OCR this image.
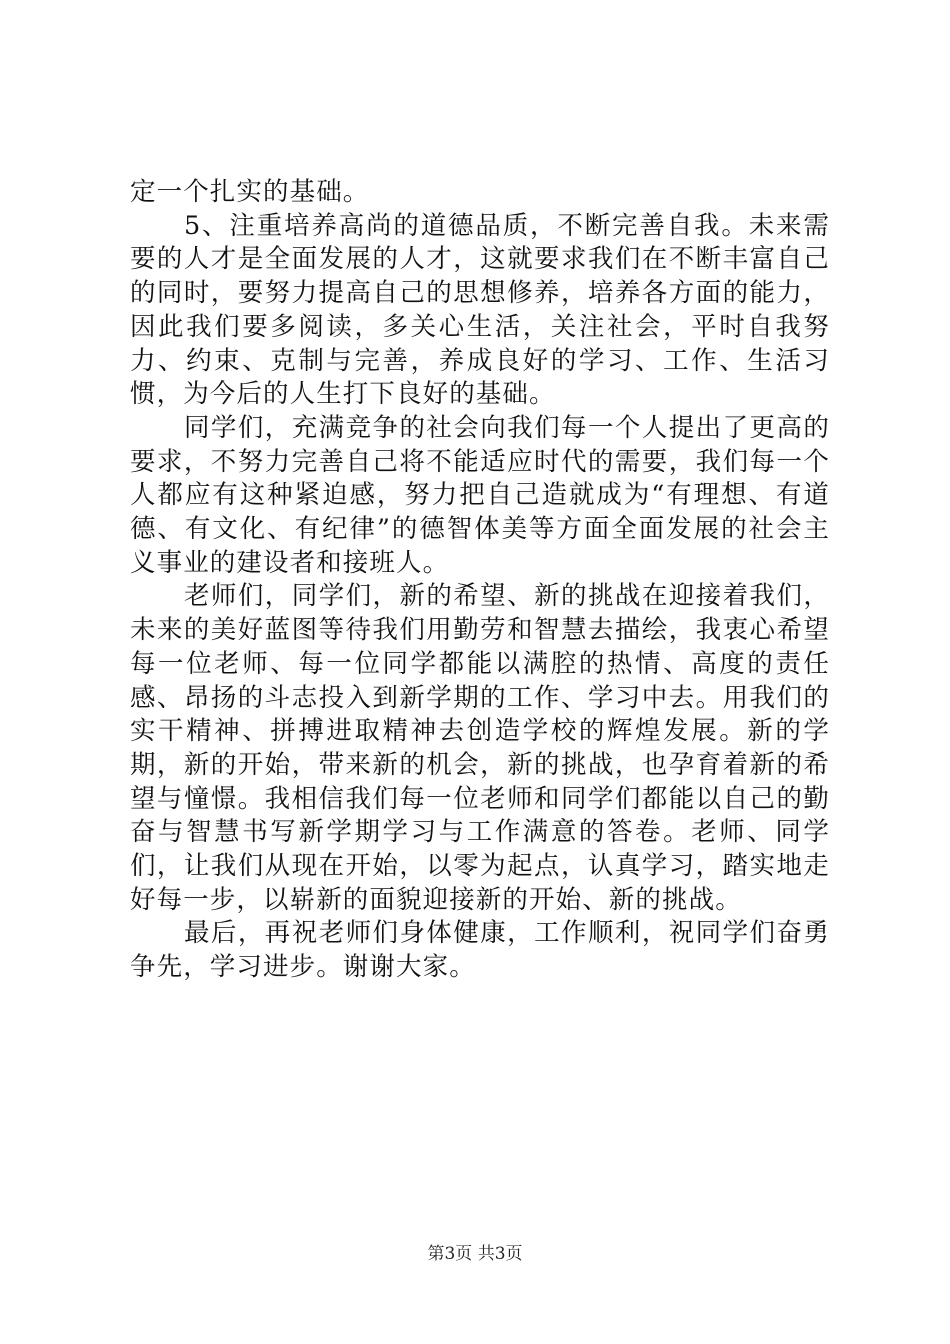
定一个扎实的基础。

5、注重培养高尚的道德品质，不断完善自我。未来需要的人才是全面发展的人才，这就要求我们在不断丰富自己的同时，要努力提高自己的思想修养，培养各方面的能力，因此我们要多阅读，多关心生活，关注社会，平时自我努力、约束、克制与完善，养成良好的学习、工作、生活习惯，为今后的人生打下良好的基础。

同学们，充满竞争的社会向我们每一个人提出了更高的要求，不努力完善自己将不能适应时代的需要，我们每一个人都应有这种紧迫感，努力把自己造就成为“有理想、有道德、有文化、有纪律”的德智体美等方面全面发展的社会主义事业的建设者和接班人。

老师们，同学们，新的希望、新的挑战在迎接着我们，未来的美好蓝图等待我们用勤劳和智慧去描绘，我衷心希望每一位老师、每一位同学都能以满腔的热情、高度的责任感、昂扬的斗志投入到新学期的工作、学习中去。用我们的实干精神、拼搏进取精神去创造学校的辉煌发展。新的学期，新的开始，带来新的机会，新的挑战，也孕育着新的希望与憧憬。我相信我们每一位老师和同学们都能以自己的勤奋与智慧书写新学期学习与工作满意的答卷。老师、同学们，让我们从现在开始，以零为起点，认真学习，踏实地走好每一步，以崭新的面貌迎接新的开始、新的挑战。

最后，再祝老师们身体健康，工作顺利，祝同学们奋勇争先，学习进步。谢谢大家。

第3页 共3页
